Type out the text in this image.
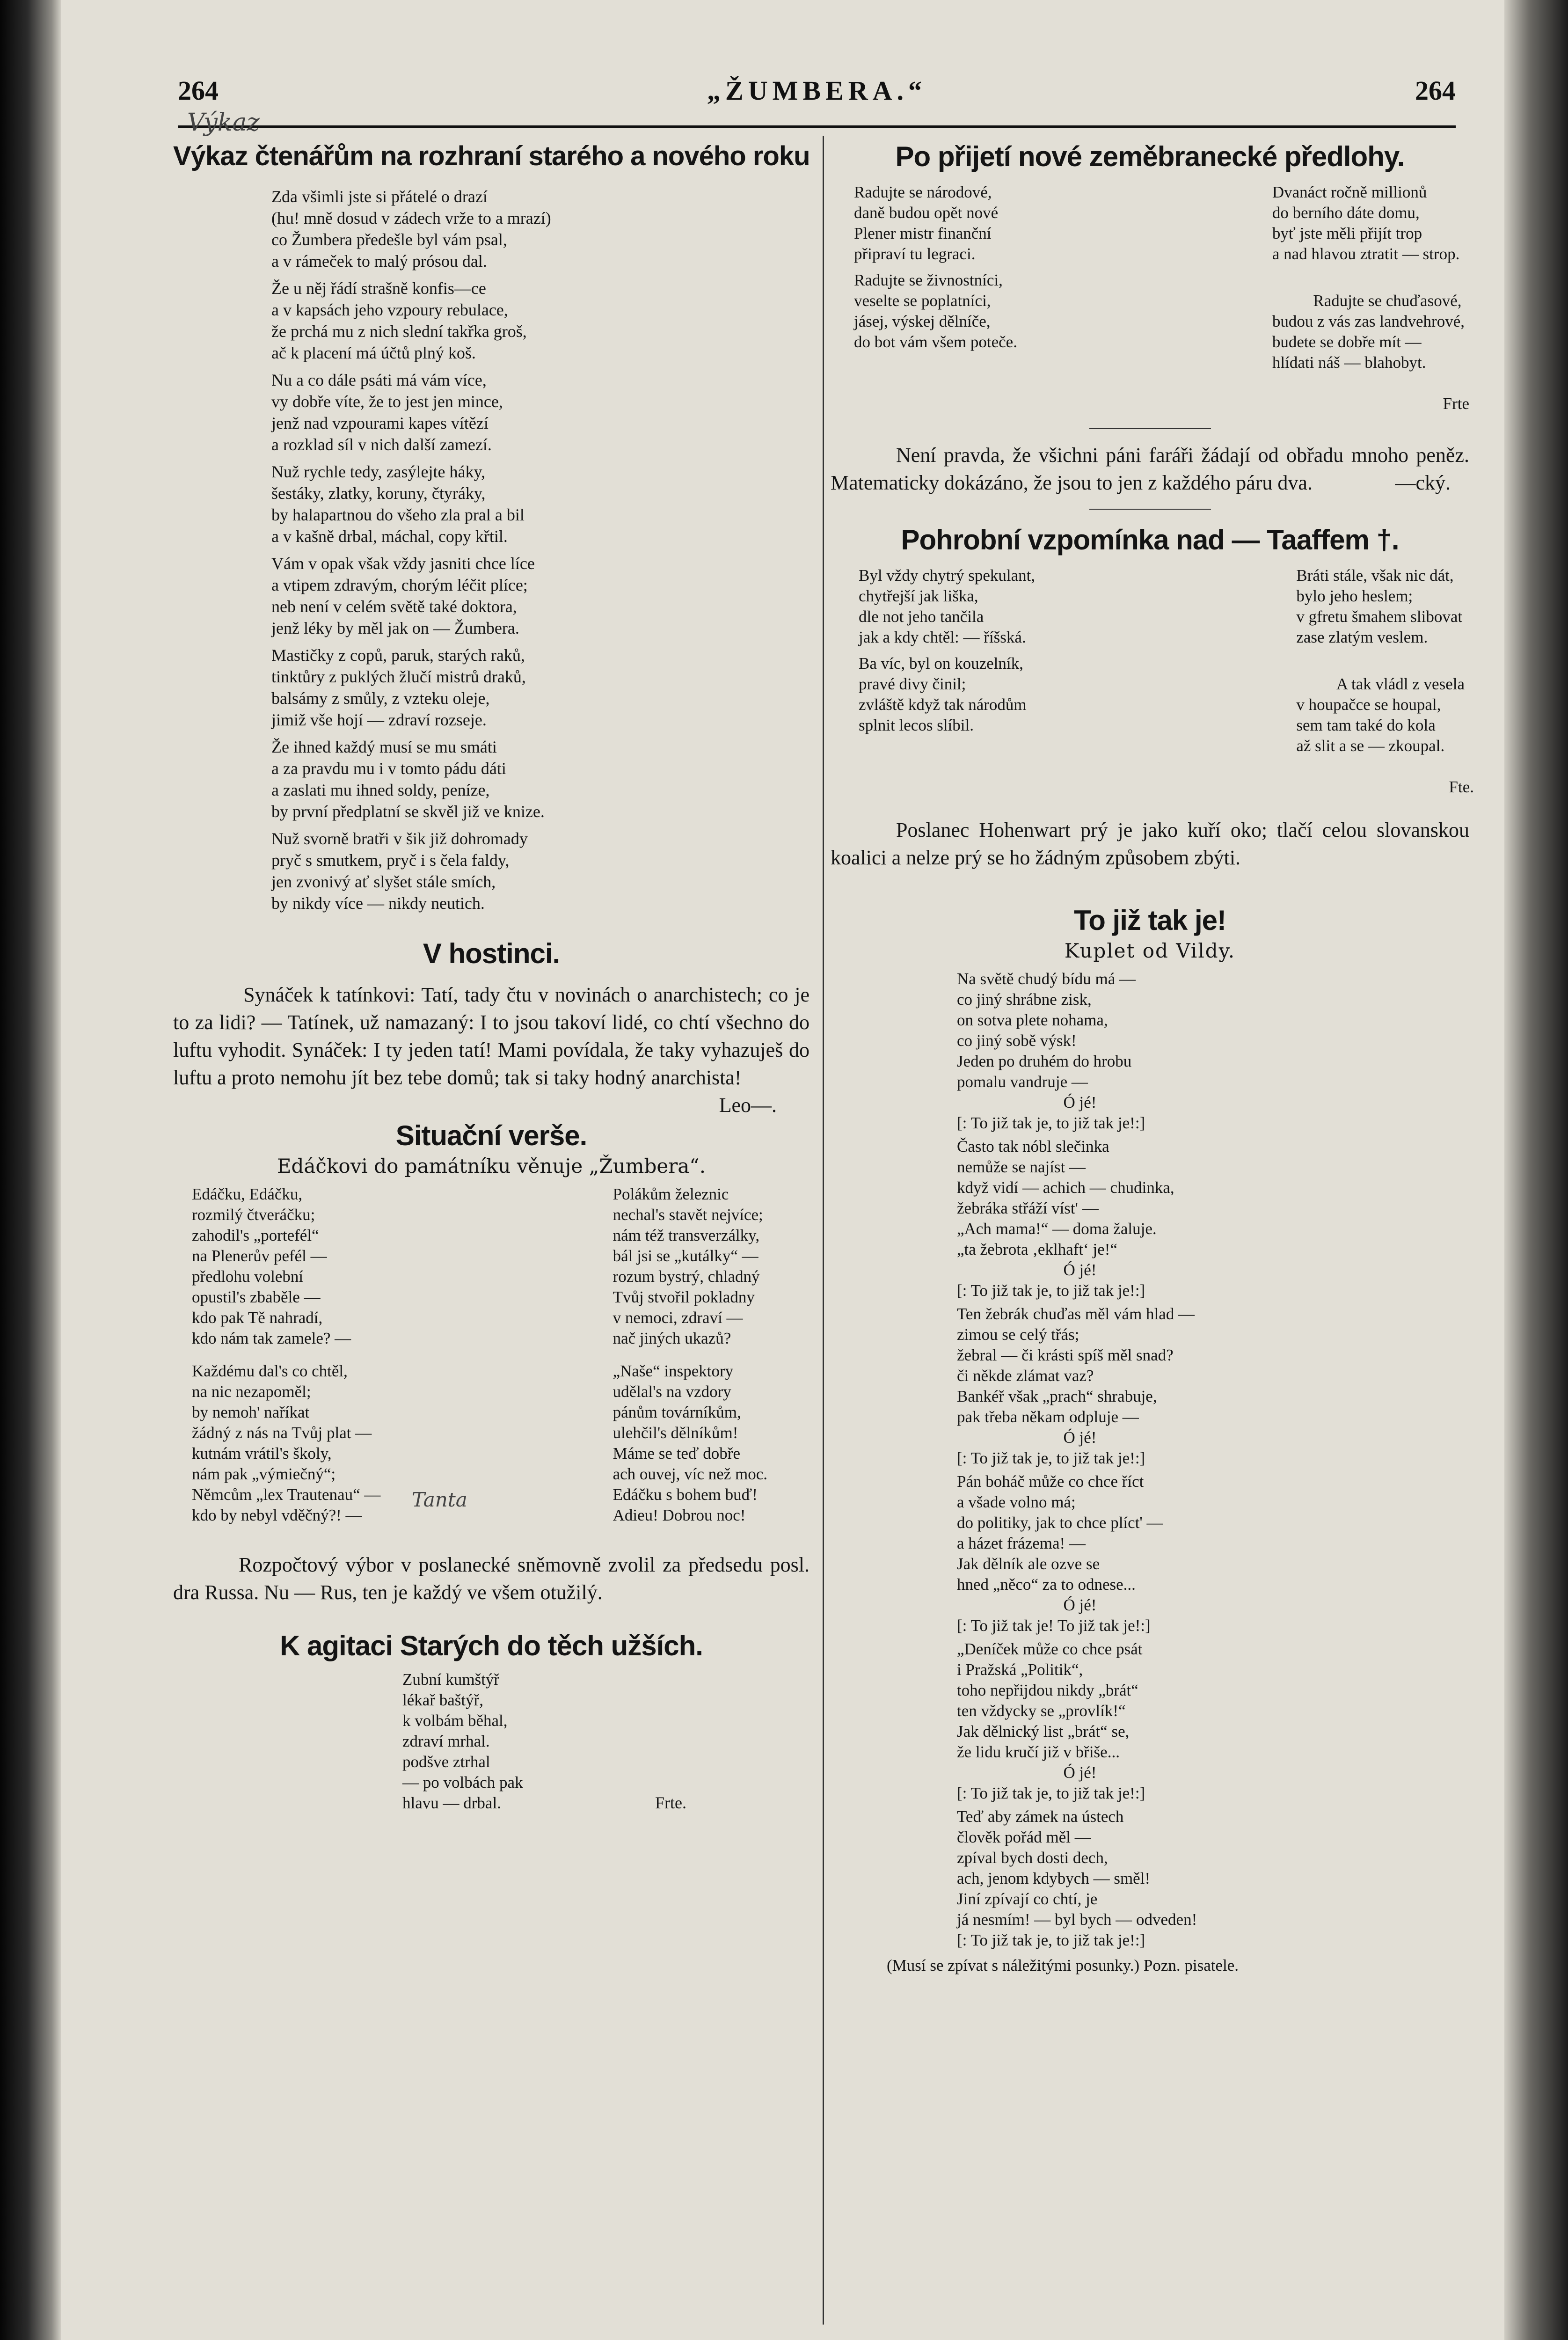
264	„ŽUMBERA.“	264
Výkaz
Výkaz čtenářům na rozhraní starého a nového roku
Zda všimli jste si přátelé o drazí
(hu! mně dosud v zádech vrže to a mrazí)
co Žumbera předešle byl vám psal,
a v rámeček to malý prósou dal.
Že u něj řádí strašně konfis—ce
a v kapsách jeho vzpoury rebulace,
že prchá mu z nich slední takřka groš,
ač k placení má účtů plný koš.
Nu a co dále psáti má vám více,
vy dobře víte, že to jest jen mince,
jenž nad vzpourami kapes vítězí
a rozklad síl v nich další zamezí.
Nuž rychle tedy, zasýlejte háky,
šestáky, zlatky, koruny, čtyráky,
by halapartnou do všeho zla pral a bil
a v kašně drbal, máchal, copy křtil.
Vám v opak však vždy jasniti chce líce
a vtipem zdravým, chorým léčit plíce;
neb není v celém světě také doktora,
jenž léky by měl jak on — Žumbera.
Mastičky z copů, paruk, starých raků,
tinktůry z puklých žlučí mistrů draků,
balsámy z smůly, z vzteku oleje,
jimiž vše hojí — zdraví rozseje.
Že ihned každý musí se mu smáti
a za pravdu mu i v tomto pádu dáti
a zaslati mu ihned soldy, peníze,
by první předplatní se skvěl již ve knize.
Nuž svorně bratři v šik již dohromady
pryč s smutkem, pryč i s čela faldy,
jen zvonivý ať slyšet stále smích,
by nikdy více — nikdy neutich.
V hostinci.
Synáček k tatínkovi: Tatí, tady čtu v novinách o anarchistech; co je to za lidi? — Tatínek, už namazaný: I to jsou takoví lidé, co chtí všechno do luftu vyhodit. Synáček: I ty jeden tatí! Mami povídala, že taky vyhazuješ do luftu a proto nemohu jít bez tebe domů; tak si taky hodný anarchista!
Leo—.
Situační verše.
Edáčkovi do památníku věnuje „Žumbera“.
Edáčku, Edáčku,
rozmilý čtveráčku;
zahodil's „portefél“
na Plenerův pefél —
předlohu volební
opustil's zbaběle —
kdo pak Tě nahradí,
kdo nám tak zamele? —
Každému dal's co chtěl,
na nic nezapoměl;
by nemoh' naříkat
žádný z nás na Tvůj plat —
kutnám vrátil's školy,
nám pak „výmiečný“;
Němcům „lex Trautenau“ —
kdo by nebyl vděčný?! —
Polákům železnic
nechal's stavět nejvíce;
nám též transverzálky,
bál jsi se „kutálky“ —
rozum bystrý, chladný
Tvůj stvořil pokladny
v nemoci, zdraví —
nač jiných ukazů?
„Naše“ inspektory
udělal's na vzdory
pánům továrníkům,
ulehčil's dělníkům!
Máme se teď dobře
ach ouvej, víc než moc.
Edáčku s bohem buď!
Adieu! Dobrou noc!
Rozpočtový výbor v poslanecké sněmovně zvolil za předsedu posl. dra Russa. Nu — Rus, ten je každý ve všem otužilý.
K agitaci Starých do těch užších.
Zubní kumštýř
lékař baštýř,
k volbám běhal,
zdraví mrhal.
podšve ztrhal
— po volbách pak
hlavu — drbal.	Frte.
Tanta
Po přijetí nové zeměbranecké předlohy.
Radujte se národové,
daně budou opět nové
Plener mistr finanční
připraví tu legraci.
Radujte se živnostníci,
veselte se poplatníci,
jásej, výskej dělníče,
do bot vám všem poteče.
Dvanáct ročně millionů
do berního dáte domu,
byť jste měli přijít trop
a nad hlavou ztratit — strop.

Radujte se chuďasové,
budou z vás zas landvehrové,
budete se dobře mít —
hlídati náš — blahobyt.

Frte

Není pravda, že všichni páni faráři žádají od obřadu mnoho peněz. Matematicky dokázáno, že jsou to jen z každého páru dva.	—cký.
Pohrobní vzpomínka nad — Taaffem †.
Byl vždy chytrý spekulant,
chytřejší jak liška,
dle not jeho tančila
jak a kdy chtěl: — říšská.
Ba víc, byl on kouzelník,
pravé divy činil;
zvláště když tak národům
splnit lecos slíbil.
Bráti stále, však nic dát,
bylo jeho heslem;
v gfretu šmahem slibovat
zase zlatým veslem.

A tak vládl z vesela
v houpačce se houpal,
sem tam také do kola
až slit a se — zkoupal.

Fte.

Poslanec Hohenwart prý je jako kuří oko; tlačí celou slovanskou koalici a nelze prý se ho žádným způsobem zbýti.
To již tak je!
Kuplet od Vildy.
Na světě chudý bídu má —
co jiný shrábne zisk,
on sotva plete nohama,
co jiný sobě výsk!
Jeden po druhém do hrobu
pomalu vandruje —
Ó jé!
[: To již tak je, to již tak je!:]
Často tak nóbl slečinka
nemůže se najíst —
když vidí — achich — chudinka,
žebráka střáží víst' —
„Ach mama!“ — doma žaluje.
„ta žebrota ‚eklhaft‘ je!“
Ó jé!
[: To již tak je, to již tak je!:]
Ten žebrák chuďas měl vám hlad —
zimou se celý třás;
žebral — či krásti spíš měl snad?
či někde zlámat vaz?
Bankéř však „prach“ shrabuje,
pak třeba někam odpluje —
Ó jé!
[: To již tak je, to již tak je!:]
Pán boháč může co chce říct
a všade volno má;
do politiky, jak to chce plíct' —
a házet frázema! —
Jak dělník ale ozve se
hned „něco“ za to odnese...
Ó jé!
[: To již tak je! To již tak je!:]
„Deníček může co chce psát
i Pražská „Politik“,
toho nepřijdou nikdy „brát“
ten vždycky se „provlík!“
Jak dělnický list „brát“ se,
že lidu kručí již v břiše...
Ó jé!
[: To již tak je, to již tak je!:]
Teď aby zámek na ústech
člověk pořád měl —
zpíval bych dosti dech,
ach, jenom kdybych — směl!
Jiní zpívají co chtí, je
já nesmím! — byl bych — odveden!
[: To již tak je, to již tak je!:]
(Musí se zpívat s náležitými posunky.) Pozn. pisatele.
